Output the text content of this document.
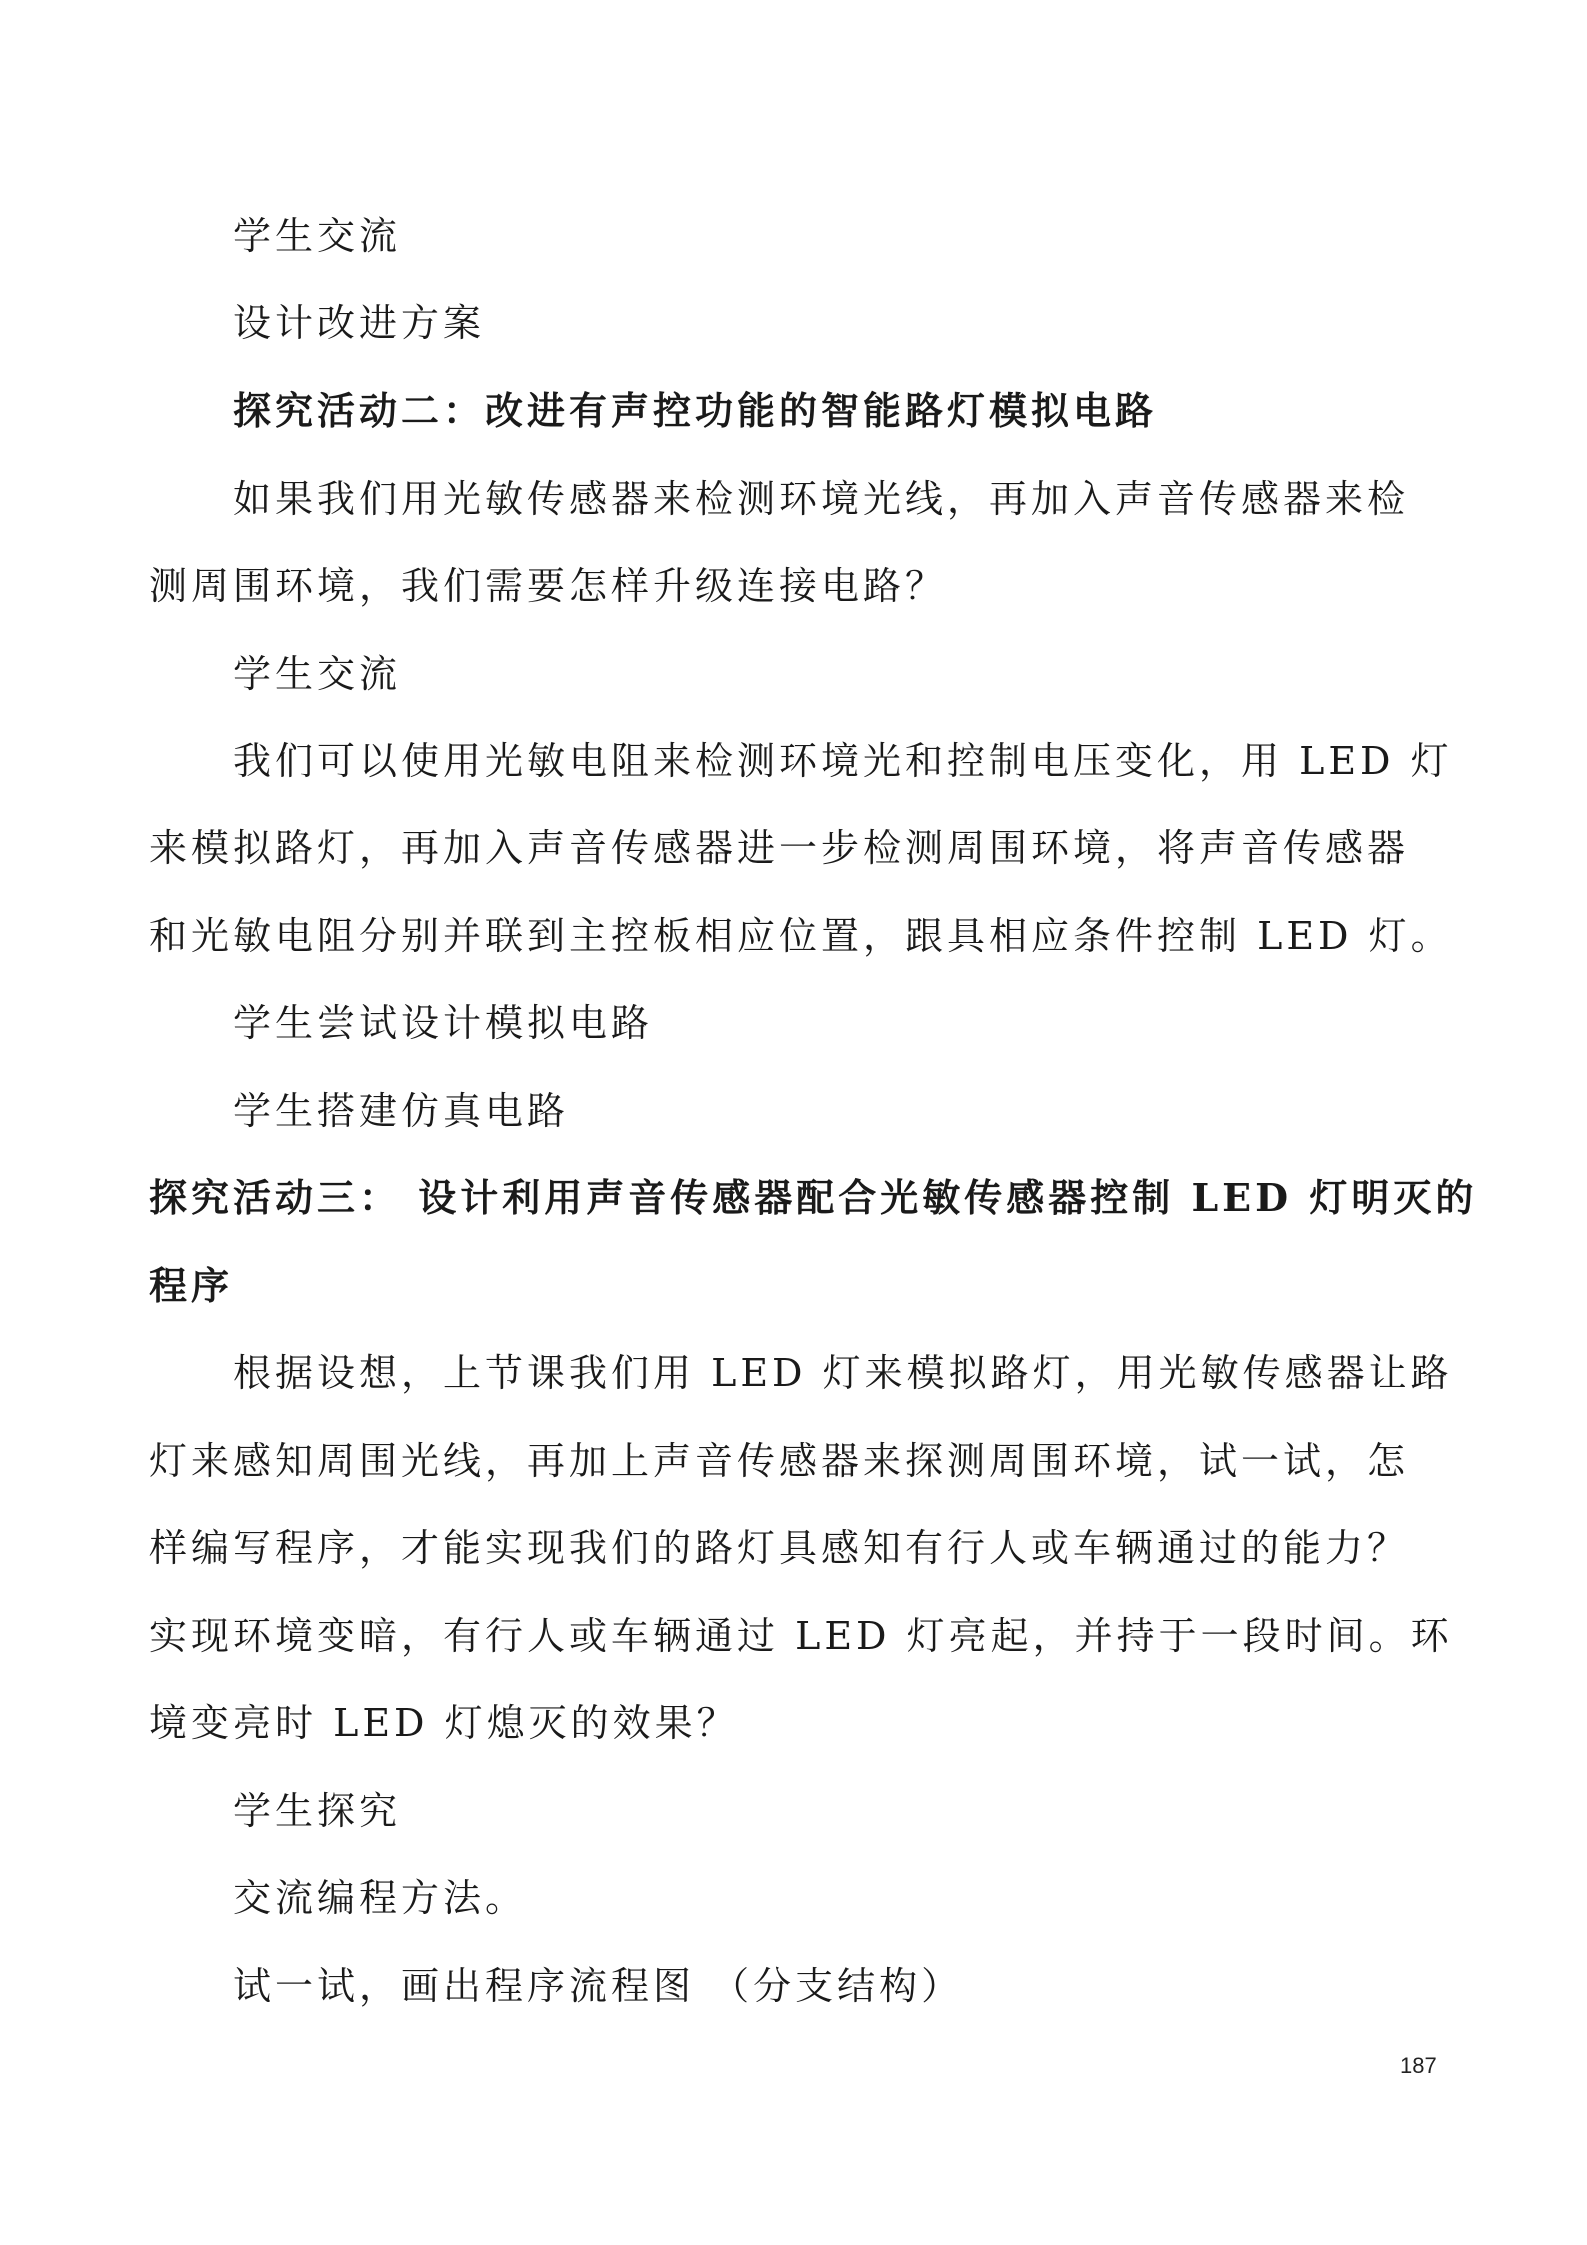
学生交流
设计改进方案
探究活动二：改进有声控功能的智能路灯模拟电路
如果我们用光敏传感器来检测环境光线，再加入声音传感器来检
测周围环境，我们需要怎样升级连接电路？
学生交流
我们可以使用光敏电阻来检测环境光和控制电压变化，用 LED 灯
来模拟路灯，再加入声音传感器进一步检测周围环境，将声音传感器
和光敏电阻分别并联到主控板相应位置，跟具相应条件控制 LED 灯。
学生尝试设计模拟电路
学生搭建仿真电路
探究活动三： 设计利用声音传感器配合光敏传感器控制 LED 灯明灭的
程序
根据设想，上节课我们用 LED 灯来模拟路灯，用光敏传感器让路
灯来感知周围光线，再加上声音传感器来探测周围环境，试一试，怎
样编写程序，才能实现我们的路灯具感知有行人或车辆通过的能力？
实现环境变暗，有行人或车辆通过 LED 灯亮起，并持于一段时间。环
境变亮时 LED 灯熄灭的效果？
学生探究
交流编程方法。
试一试，画出程序流程图 （分支结构）
187
